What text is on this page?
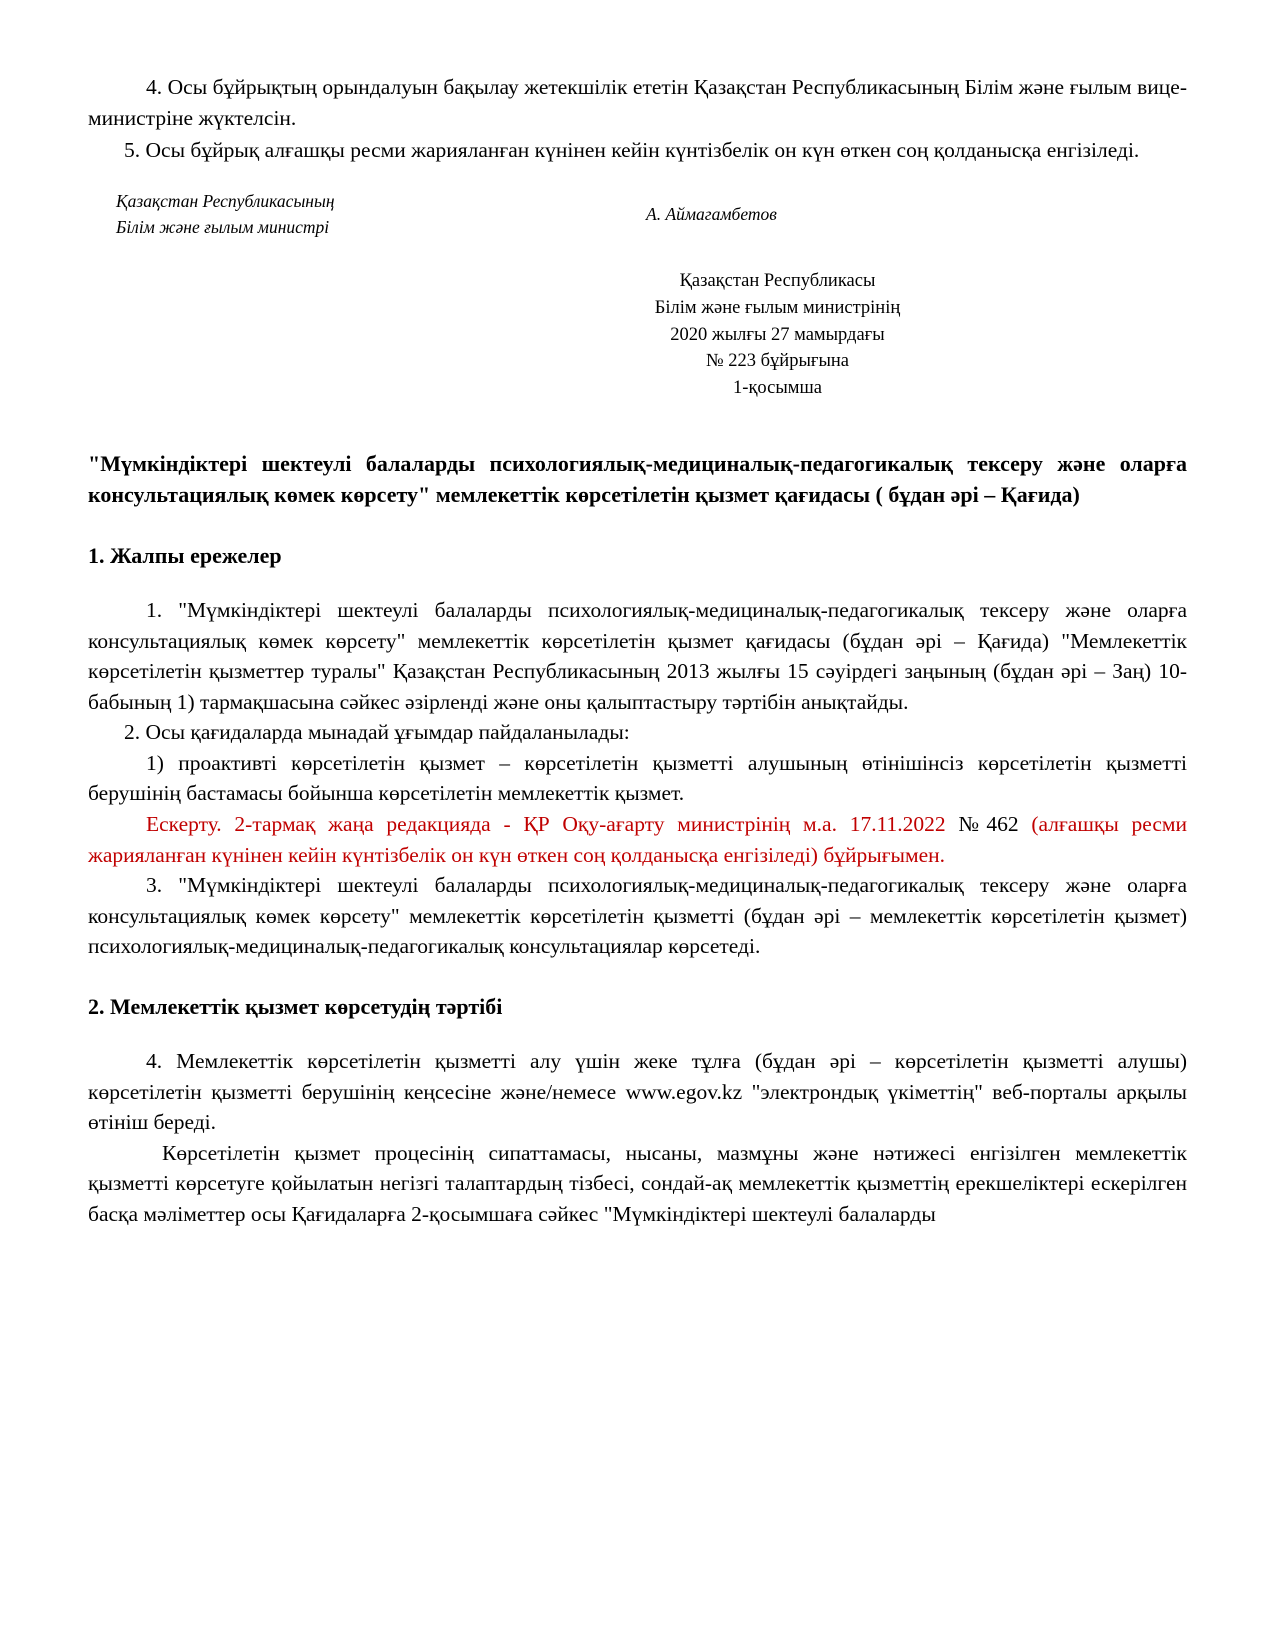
4. Осы бұйрықтың орындалуын бақылау жетекшілік ететін Қазақстан Республикасының Білім және ғылым вице-министріне жүктелсін.

5. Осы бұйрық алғашқы ресми жарияланған күнінен кейін күнтізбелік он күн өткен соң қолданысқа енгізіледі.

Қазақстан Республикасының
Білім және ғылым министрі
А. Аймагамбетов
Қазақстан Республикасы
Білім және ғылым министрінің
2020 жылғы 27 мамырдағы
№ 223 бұйрығына
1-қосымша
"Мүмкіндіктері шектеулі балаларды психологиялық-медициналық-педагогикалық тексеру және оларға консультациялық көмек көрсету" мемлекеттік көрсетілетін қызмет қағидасы ( бұдан әрі – Қағида)
1. Жалпы ережелер

1. "Мүмкіндіктері шектеулі балаларды психологиялық-медициналық-педагогикалық тексеру және оларға консультациялық көмек көрсету" мемлекеттік көрсетілетін қызмет қағидасы (бұдан әрі – Қағида) "Мемлекеттік көрсетілетін қызметтер туралы" Қазақстан Республикасының 2013 жылғы 15 сәуірдегі заңының (бұдан әрі – Заң) 10-бабының 1) тармақшасына сәйкес әзірленді және оны қалыптастыру тәртібін анықтайды.

2. Осы қағидаларда мынадай ұғымдар пайдаланылады:

1) проактивті көрсетілетін қызмет – көрсетілетін қызметті алушының өтінішінсіз көрсетілетін қызметті берушінің бастамасы бойынша көрсетілетін мемлекеттік қызмет.

Ескерту. 2-тармақ жаңа редакцияда - ҚР Оқу-ағарту министрінің м.а. 17.11.2022 №462 (алғашқы ресми жарияланған күнінен кейін күнтізбелік он күн өткен соң қолданысқа енгізіледі) бұйрығымен.

3. "Мүмкіндіктері шектеулі балаларды психологиялық-медициналық-педагогикалық тексеру және оларға консультациялық көмек көрсету" мемлекеттік көрсетілетін қызметті (бұдан әрі – мемлекеттік көрсетілетін қызмет) психологиялық-медициналық-педагогикалық консультациялар көрсетеді.

2. Мемлекеттік қызмет көрсетудің тәртібі

4. Мемлекеттік көрсетілетін қызметті алу үшін жеке тұлға (бұдан әрі – көрсетілетін қызметті алушы) көрсетілетін қызметті берушінің кеңсесіне және/немесе www.egov.kz "электрондық үкіметтің" веб-порталы арқылы өтініш береді.

Көрсетілетін қызмет процесінің сипаттамасы, нысаны, мазмұны және нәтижесі енгізілген мемлекеттік қызметті көрсетуге қойылатын негізгі талаптардың тізбесі, сондай-ақ мемлекеттік қызметтің ерекшеліктері ескерілген басқа мәліметтер осы Қағидаларға 2-қосымшаға сәйкес "Мүмкіндіктері шектеулі балаларды
